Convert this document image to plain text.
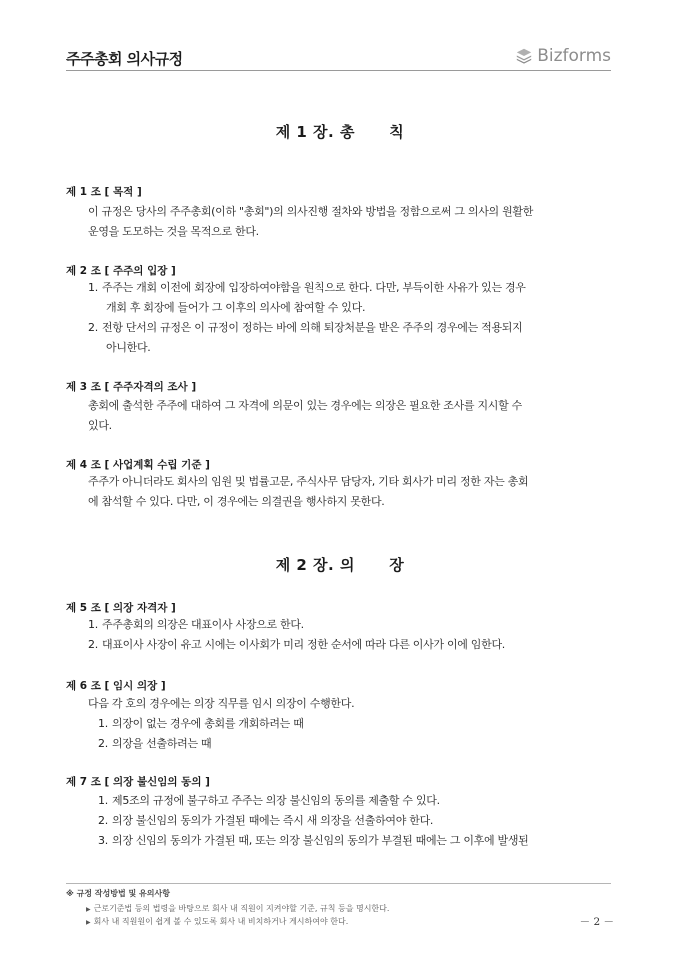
주주총회 의사규정	Bizforms
제 1 장. 총      칙
제 1 조 [ 목적 ]
이 규정은 당사의 주주총회(이하 "총회")의 의사진행 절차와 방법을 정함으로써 그 의사의 원활한
운영을 도모하는 것을 목적으로 한다.
제 2 조 [ 주주의 입장 ]
1. 주주는 개회 이전에 회장에 입장하여야함을 원칙으로 한다. 다만, 부득이한 사유가 있는 경우
개회 후 회장에 들어가 그 이후의 의사에 참여할 수 있다.
2. 전항 단서의 규정은 이 규정이 정하는 바에 의해 퇴장처분을 받은 주주의 경우에는 적용되지
아니한다.
제 3 조 [ 주주자격의 조사 ]
총회에 출석한 주주에 대하여 그 자격에 의문이 있는 경우에는 의장은 필요한 조사를 지시할 수
있다.
제 4 조 [ 사업계획 수립 기준 ]
주주가 아니더라도 회사의 임원 및 법률고문, 주식사무 담당자, 기타 회사가 미리 정한 자는 총회
에 참석할 수 있다. 다만, 이 경우에는 의결권을 행사하지 못한다.
제 2 장. 의      장
제 5 조 [ 의장 자격자 ]
1. 주주총회의 의장은 대표이사 사장으로 한다.
2. 대표이사 사장이 유고 시에는 이사회가 미리 정한 순서에 따라 다른 이사가 이에 임한다.
제 6 조 [ 임시 의장 ]
다음 각 호의 경우에는 의장 직무를 임시 의장이 수행한다.
1. 의장이 없는 경우에 총회를 개회하려는 때
2. 의장을 선출하려는 때
제 7 조 [ 의장 불신임의 동의 ]
1. 제5조의 규정에 불구하고 주주는 의장 불신임의 동의를 제출할 수 있다.
2. 의장 불신임의 동의가 가결된 때에는 즉시 새 의장을 선출하여야 한다.
3. 의장 신임의 동의가 가결된 때, 또는 의장 불신임의 동의가 부결된 때에는 그 이후에 발생된
※ 규정 작성방법 및 유의사항
▶ 근로기준법 등의 법령을 바탕으로 회사 내 직원이 지켜야할 기준, 규칙 등을 명시한다.
▶ 회사 내 직원원이 쉽게 볼 수 있도록 회사 내 비치하거나 게시하여야 한다.	－ 2 －
